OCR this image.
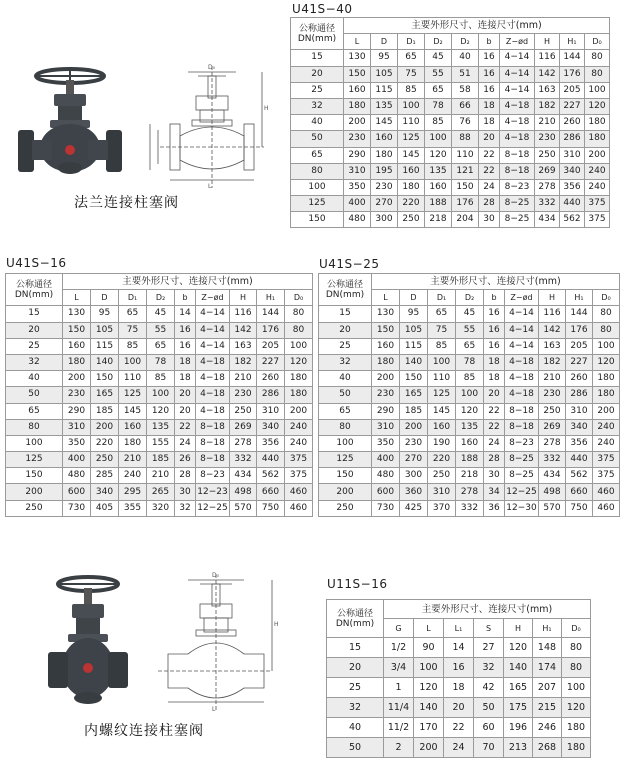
法兰连接柱塞阀
D₀
H
L
U41S−40
公称通径
DN(mm)	主要外形尺寸、连接尺寸(mm)									
	L	D	D₁	D₂	D₂	b	Z−ød	H	H₁	D₀
15	130	95	65	45	40	16	4−14	116	144	80
20	150	105	75	55	51	16	4−14	142	176	80
25	160	115	85	65	58	16	4−14	163	205	100
32	180	135	100	78	66	18	4−18	182	227	120
40	200	145	110	85	76	18	4−18	210	260	180
50	230	160	125	100	88	20	4−18	230	286	180
65	290	180	145	120	110	22	8−18	250	310	200
80	310	195	160	135	121	22	8−18	269	340	240
100	350	230	180	160	150	24	8−23	278	356	240
125	400	270	220	188	176	28	8−25	332	440	375
150	480	300	250	218	204	30	8−25	434	562	375
U41S−16
公称通径
DN(mm)	主要外形尺寸、连接尺寸(mm)								
	L	D	D₁	D₂	b	Z−ød	H	H₁	D₀
15	130	95	65	45	14	4−14	116	144	80
20	150	105	75	55	16	4−14	142	176	80
25	160	115	85	65	16	4−14	163	205	100
32	180	140	100	78	18	4−18	182	227	120
40	200	150	110	85	18	4−18	210	260	180
50	230	165	125	100	20	4−18	230	286	180
65	290	185	145	120	20	4−18	250	310	200
80	310	200	160	135	22	8−18	269	340	240
100	350	220	180	155	24	8−18	278	356	240
125	400	250	210	185	26	8−18	332	440	375
150	480	285	240	210	28	8−23	434	562	375
200	600	340	295	265	30	12−23	498	660	460
250	730	405	355	320	32	12−25	570	750	460
U41S−25
公称通径
DN(mm)	主要外形尺寸、连接尺寸(mm)								
	L	D	D₁	D₂	b	Z−ød	H	H₁	D₀
15	130	95	65	45	16	4−14	116	144	80
20	150	105	75	55	16	4−14	142	176	80
25	160	115	85	65	16	4−14	163	205	100
32	180	140	100	78	18	4−18	182	227	120
40	200	150	110	85	18	4−18	210	260	180
50	230	165	125	100	20	4−18	230	286	180
65	290	185	145	120	22	8−18	250	310	200
80	310	200	160	135	22	8−18	269	340	240
100	350	230	190	160	24	8−23	278	356	240
125	400	270	220	188	28	8−25	332	440	375
150	480	300	250	218	30	8−25	434	562	375
200	600	360	310	278	34	12−25	498	660	460
250	730	425	370	332	36	12−30	570	750	460
内螺纹连接柱塞阀
D₀
H
L
U11S−16
公称通径
DN(mm)	主要外形尺寸、连接尺寸(mm)						
	G	L	L₁	S	H	H₁	D₀
15	1/2	90	14	27	120	148	80
20	3/4	100	16	32	140	174	80
25	1	120	18	42	165	207	100
32	11/4	140	20	50	175	215	120
40	11/2	170	22	60	196	246	180
50	2	200	24	70	213	268	180
